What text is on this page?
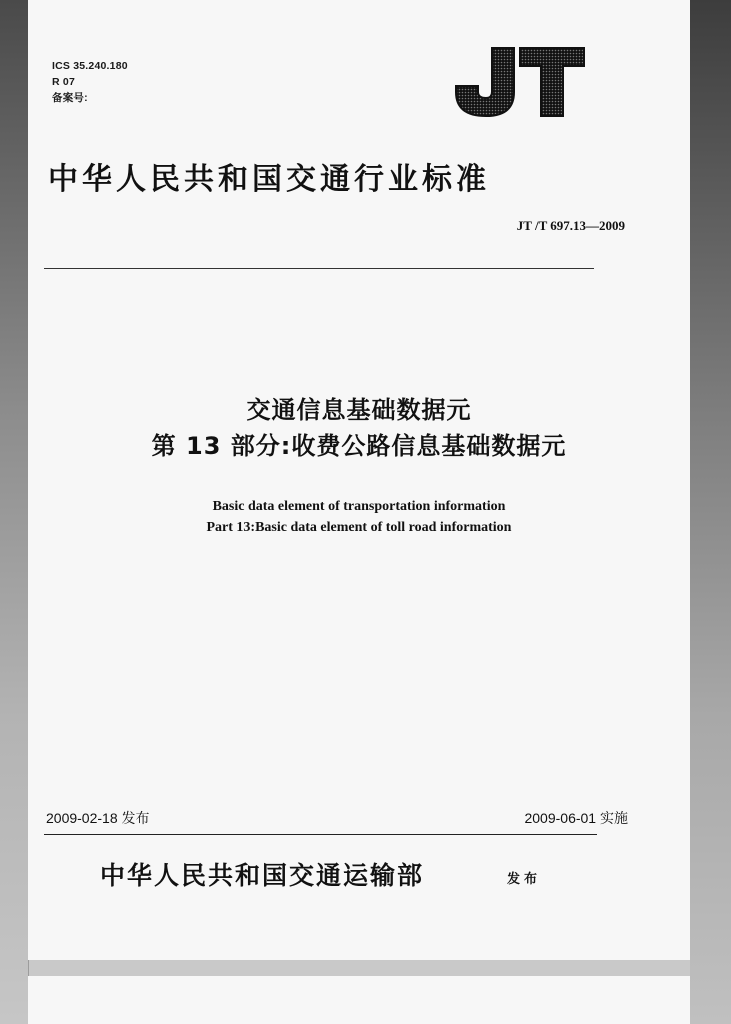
ICS 35.240.180
R 07
备案号:
JT
中华人民共和国交通行业标准
JT /T 697.13—2009
交通信息基础数据元
第 13 部分:收费公路信息基础数据元
Basic data element of transportation information
Part 13:Basic data element of toll road information
2009-02-18 发布	2009-06-01 实施
中华人民共和国交通运输部	发布
